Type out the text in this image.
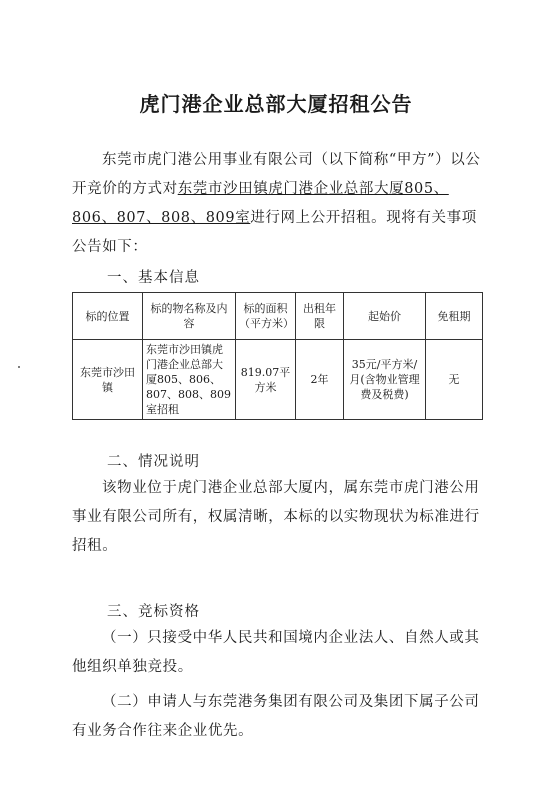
虎门港企业总部大厦招租公告
东莞市虎门港公用事业有限公司（以下简称“甲方”）以公开竞价的方式对东莞市沙田镇虎门港企业总部大厦805、806、807、808、809室进行网上公开招租。现将有关事项公告如下：
一、基本信息
标的位置	标的物名称及内容	标的面积（平方米）	出租年限	起始价	免租期
东莞市沙田镇	东莞市沙田镇虎门港企业总部大厦805、806、807、808、809室招租	819.07平方米	2年	35元/平方米/月(含物业管理费及税费)	无
二、情况说明
该物业位于虎门港企业总部大厦内，属东莞市虎门港公用事业有限公司所有，权属清晰，本标的以实物现状为标准进行招租。
三、竞标资格
（一）只接受中华人民共和国境内企业法人、自然人或其他组织单独竞投。
（二）申请人与东莞港务集团有限公司及集团下属子公司有业务合作往来企业优先。
